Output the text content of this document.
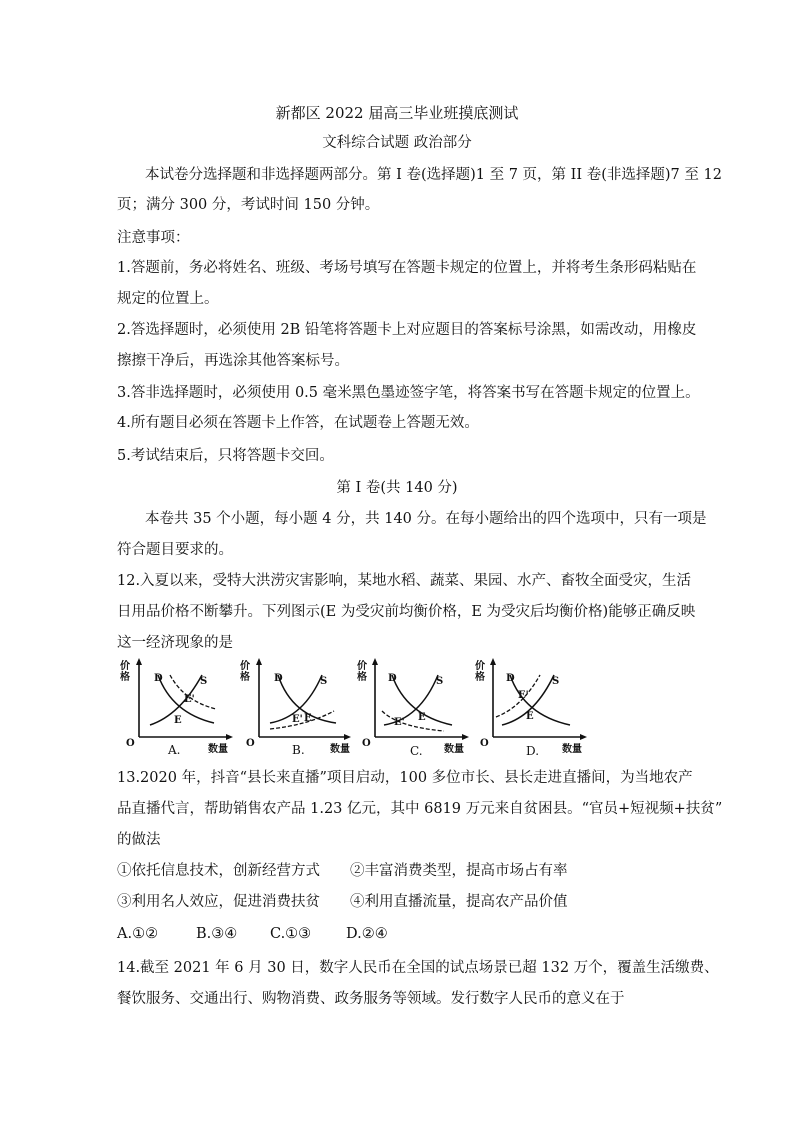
新都区 2022 届高三毕业班摸底测试
文科综合试题 政治部分
本试卷分选择题和非选择题两部分。第 I 卷(选择题)1 至 7 页，第 II 卷(非选择题)7 至 12
页；满分 300 分，考试时间 150 分钟。
注意事项：
1.答题前，务必将姓名、班级、考场号填写在答题卡规定的位置上，并将考生条形码粘贴在
规定的位置上。
2.答选择题时，必须使用 2B 铅笔将答题卡上对应题目的答案标号涂黑，如需改动，用橡皮
擦擦干净后，再选涂其他答案标号。
3.答非选择题时，必须使用 0.5 毫米黑色墨迹签字笔，将答案书写在答题卡规定的位置上。
4.所有题目必须在答题卡上作答，在试题卷上答题无效。
5.考试结束后，只将答题卡交回。
第 I 卷(共 140 分)
本卷共 35 个小题，每小题 4 分，共 140 分。在每小题给出的四个选项中，只有一项是
符合题目要求的。
12.入夏以来，受特大洪涝灾害影响，某地水稻、蔬菜、果园、水产、畜牧全面受灾，生活
日用品价格不断攀升。下列图示(E 为受灾前均衡价格，E 为受灾后均衡价格)能够正确反映
这一经济现象的是
价格 D	S
E'
E
O	A.	数量
价格 D	S
E' E
O	B.	数量
价格 D	S
E' E
O
C. 数量
价格 D	S
E'
E
O
D. 数量
13.2020 年，抖音“县长来直播”项目启动，100 多位市长、县长走进直播间，为当地农产
品直播代言，帮助销售农产品 1.23 亿元，其中 6819 万元来自贫困县。“官员+短视频+扶贫”
的做法
①依托信息技术，创新经营方式 ②丰富消费类型，提高市场占有率
③利用名人效应，促进消费扶贫 ④利用直播流量，提高农产品价值
A.①②	B.③④ C.①③ D.②④
14.截至 2021 年 6 月 30 日，数字人民币在全国的试点场景已超 132 万个，覆盖生活缴费、
餐饮服务、交通出行、购物消费、政务服务等领域。发行数字人民币的意义在于
